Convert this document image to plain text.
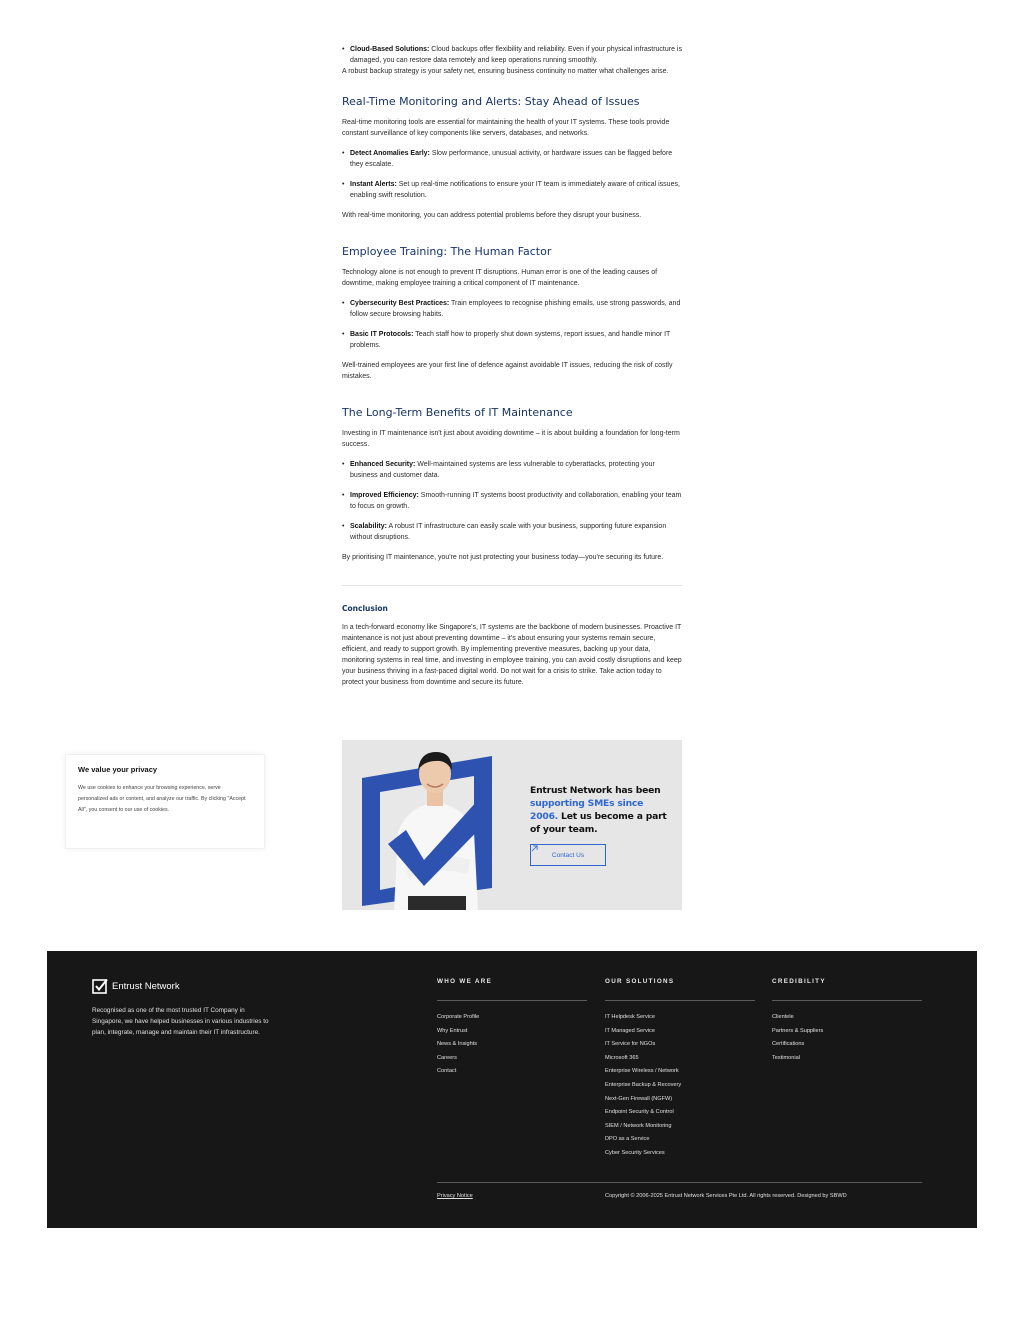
• Cloud-Based Solutions: Cloud backups offer flexibility and reliability. Even if your physical infrastructure is damaged, you can restore data remotely and keep operations running smoothly.

A robust backup strategy is your safety net, ensuring business continuity no matter what challenges arise.

Real-Time Monitoring and Alerts: Stay Ahead of Issues

Real-time monitoring tools are essential for maintaining the health of your IT systems. These tools provide constant surveillance of key components like servers, databases, and networks.

• Detect Anomalies Early: Slow performance, unusual activity, or hardware issues can be flagged before they escalate.
• Instant Alerts: Set up real-time notifications to ensure your IT team is immediately aware of critical issues, enabling swift resolution.

With real-time monitoring, you can address potential problems before they disrupt your business.

Employee Training: The Human Factor

Technology alone is not enough to prevent IT disruptions. Human error is one of the leading causes of downtime, making employee training a critical component of IT maintenance.

• Cybersecurity Best Practices: Train employees to recognise phishing emails, use strong passwords, and follow secure browsing habits.
• Basic IT Protocols: Teach staff how to properly shut down systems, report issues, and handle minor IT problems.

Well-trained employees are your first line of defence against avoidable IT issues, reducing the risk of costly mistakes.

The Long-Term Benefits of IT Maintenance

Investing in IT maintenance isn't just about avoiding downtime – it is about building a foundation for long-term success.

• Enhanced Security: Well-maintained systems are less vulnerable to cyberattacks, protecting your business and customer data.
• Improved Efficiency: Smooth-running IT systems boost productivity and collaboration, enabling your team to focus on growth.
• Scalability: A robust IT infrastructure can easily scale with your business, supporting future expansion without disruptions.

By prioritising IT maintenance, you're not just protecting your business today—you're securing its future.

Conclusion

In a tech-forward economy like Singapore's, IT systems are the backbone of modern businesses. Proactive IT maintenance is not just about preventing downtime – it's about ensuring your systems remain secure, efficient, and ready to support growth. By implementing preventive measures, backing up your data, monitoring systems in real time, and investing in employee training, you can avoid costly disruptions and keep your business thriving in a fast-paced digital world. Do not wait for a crisis to strike. Take action today to protect your business from downtime and secure its future.

We value your privacy

We use cookies to enhance your browsing experience, serve personalized ads or content, and analyze our traffic. By clicking "Accept All", you consent to our use of cookies.

Entrust Network has been supporting SMEs since 2006. Let us become a part of your team.
Contact Us
Entrust Network

Recognised as one of the most trusted IT Company in Singapore, we have helped businesses in various industries to plan, integrate, manage and maintain their IT infrastructure.

WHO WE ARE
Corporate Profile
Why Entrust
News & Insights
Careers
Contact
OUR SOLUTIONS
IT Helpdesk Service
IT Managed Service
IT Service for NGOs
Microsoft 365
Enterprise Wireless / Network
Enterprise Backup & Recovery
Next-Gen Firewall (NGFW)
Endpoint Security & Control
SIEM / Network Monitoring
DPO as a Service
Cyber Security Services
CREDIBILITY
Clientele
Partners & Suppliers
Certifications
Testimonial
Privacy Notice	Copyright © 2006-2025 Entrust Network Services Pte Ltd. All rights reserved. Designed by SBWD
